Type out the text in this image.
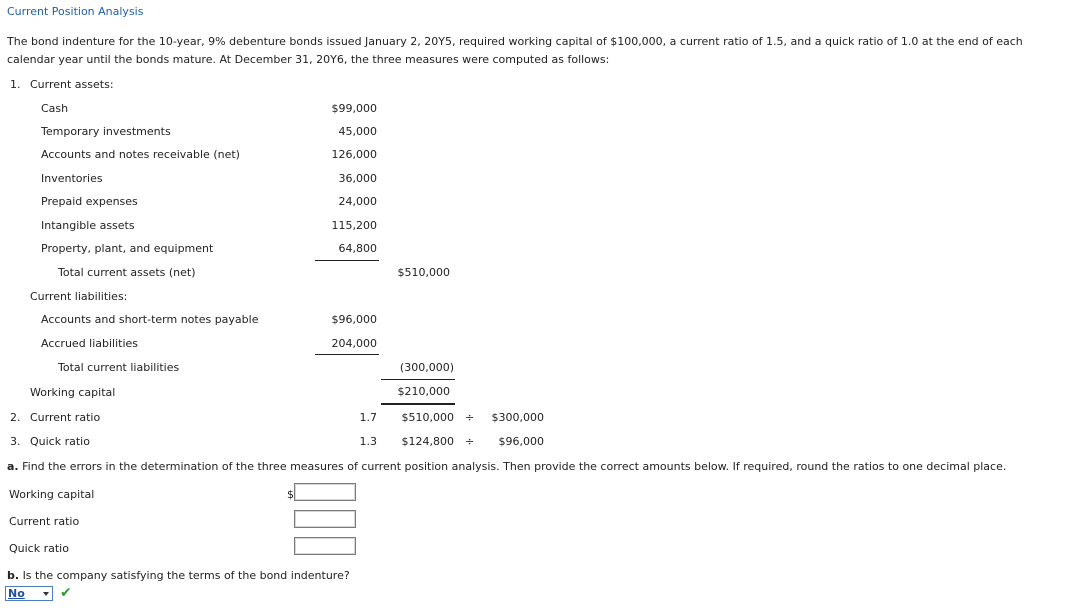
Current Position Analysis
The bond indenture for the 10-year, 9% debenture bonds issued January 2, 20Y5, required working capital of $100,000, a current ratio of 1.5, and a quick ratio of 1.0 at the end of each calendar year until the bonds mature. At December 31, 20Y6, the three measures were computed as follows:
1. Current assets:
Cash	$99,000
Temporary investments	45,000
Accounts and notes receivable (net)	126,000
Inventories	36,000
Prepaid expenses	24,000
Intangible assets	115,200
Property, plant, and equipment	64,800
Total current assets (net)	$510,000
Current liabilities:
Accounts and short-term notes payable	$96,000
Accrued liabilities	204,000
Total current liabilities	(300,000)
Working capital	$210,000
2. Current ratio	1.7	$510,000 ÷	$300,000
3. Quick ratio	1.3	$124,800 ÷	$96,000
a. Find the errors in the determination of the three measures of current position analysis. Then provide the correct amounts below. If required, round the ratios to one decimal place.
Working capital	$
Current ratio
Quick ratio
b. Is the company satisfying the terms of the bond indenture?
No	✔
